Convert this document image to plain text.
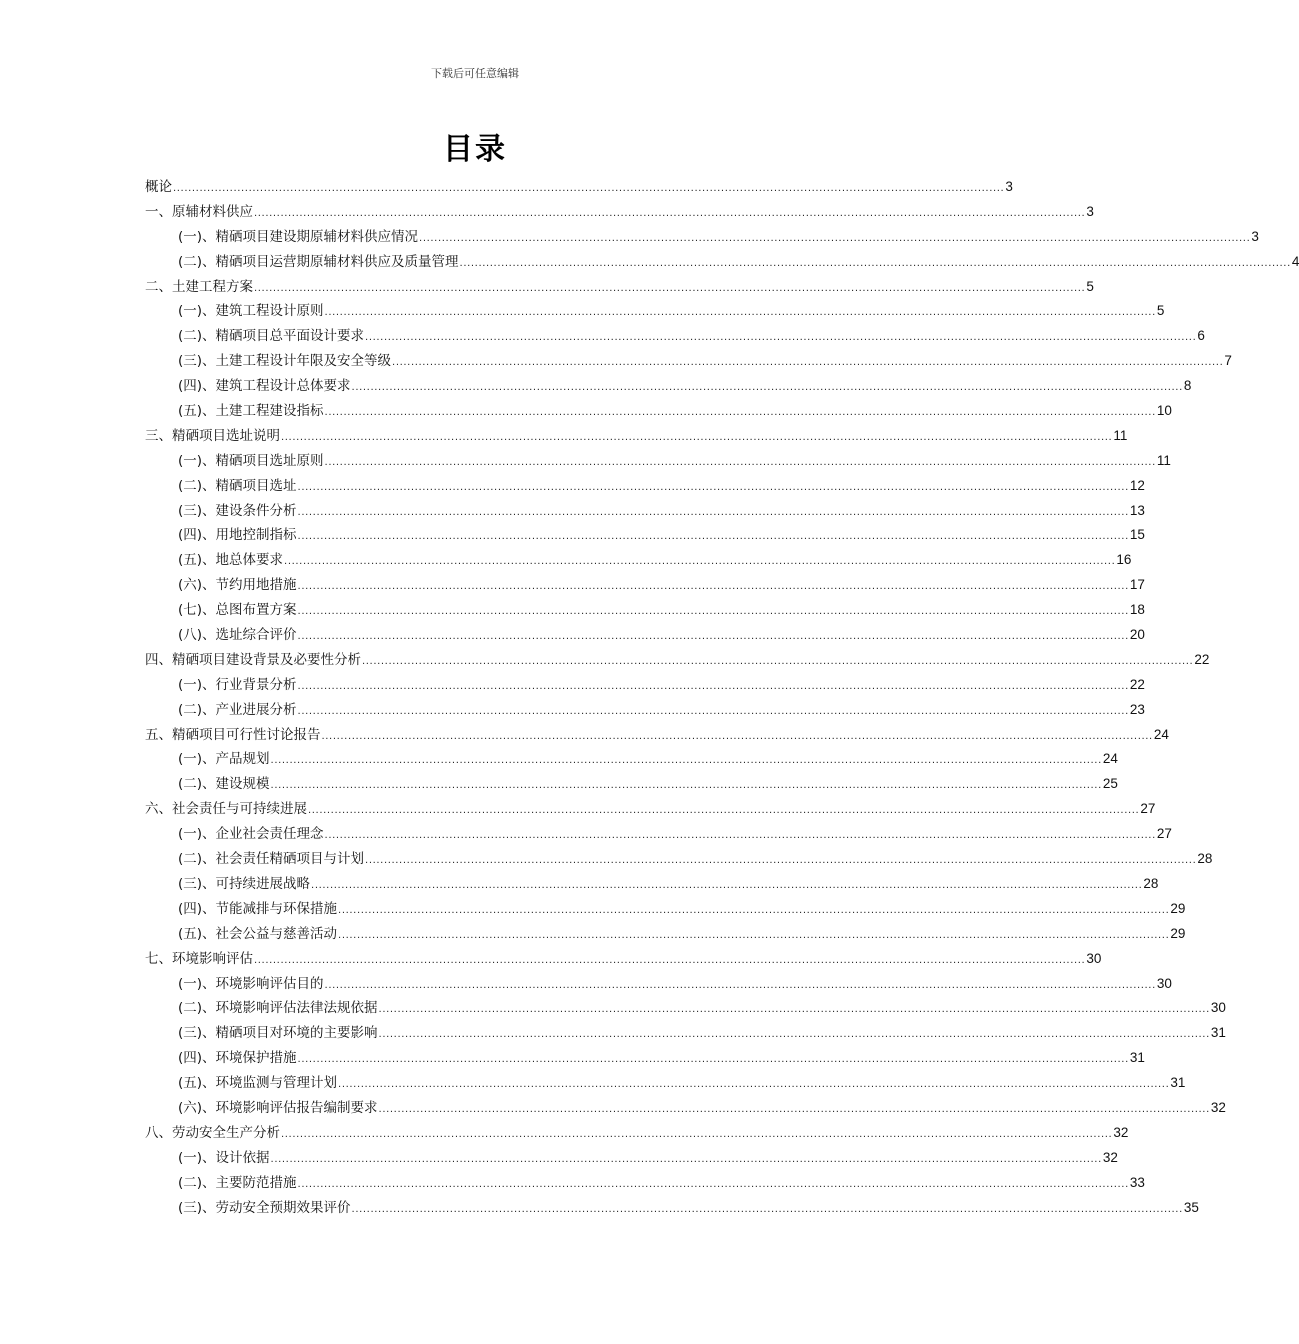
下载后可任意编辑
目录
概论 ............................................................................................................................................................................................................................ 3
一、原辅材料供应 ............................................................................................................................................................................................................................ 3
(一)、精硒项目建设期原辅材料供应情况 ............................................................................................................................................................................................................................ 3
(二)、精硒项目运营期原辅材料供应及质量管理 ............................................................................................................................................................................................................................ 4
二、土建工程方案 ............................................................................................................................................................................................................................ 5
(一)、建筑工程设计原则 ............................................................................................................................................................................................................................ 5
(二)、精硒项目总平面设计要求 ............................................................................................................................................................................................................................ 6
(三)、土建工程设计年限及安全等级 ............................................................................................................................................................................................................................ 7
(四)、建筑工程设计总体要求 ............................................................................................................................................................................................................................ 8
(五)、土建工程建设指标 ............................................................................................................................................................................................................................ 10
三、精硒项目选址说明 ............................................................................................................................................................................................................................ 11
(一)、精硒项目选址原则 ............................................................................................................................................................................................................................ 11
(二)、精硒项目选址 ............................................................................................................................................................................................................................ 12
(三)、建设条件分析 ............................................................................................................................................................................................................................ 13
(四)、用地控制指标 ............................................................................................................................................................................................................................ 15
(五)、地总体要求 ............................................................................................................................................................................................................................ 16
(六)、节约用地措施 ............................................................................................................................................................................................................................ 17
(七)、总图布置方案 ............................................................................................................................................................................................................................ 18
(八)、选址综合评价 ............................................................................................................................................................................................................................ 20
四、精硒项目建设背景及必要性分析 ............................................................................................................................................................................................................................ 22
(一)、行业背景分析 ............................................................................................................................................................................................................................ 22
(二)、产业进展分析 ............................................................................................................................................................................................................................ 23
五、精硒项目可行性讨论报告 ............................................................................................................................................................................................................................ 24
(一)、产品规划 ............................................................................................................................................................................................................................ 24
(二)、建设规模 ............................................................................................................................................................................................................................ 25
六、社会责任与可持续进展 ............................................................................................................................................................................................................................ 27
(一)、企业社会责任理念 ............................................................................................................................................................................................................................ 27
(二)、社会责任精硒项目与计划 ............................................................................................................................................................................................................................ 28
(三)、可持续进展战略 ............................................................................................................................................................................................................................ 28
(四)、节能减排与环保措施 ............................................................................................................................................................................................................................ 29
(五)、社会公益与慈善活动 ............................................................................................................................................................................................................................ 29
七、环境影响评估 ............................................................................................................................................................................................................................ 30
(一)、环境影响评估目的 ............................................................................................................................................................................................................................ 30
(二)、环境影响评估法律法规依据 ............................................................................................................................................................................................................................ 30
(三)、精硒项目对环境的主要影响 ............................................................................................................................................................................................................................ 31
(四)、环境保护措施 ............................................................................................................................................................................................................................ 31
(五)、环境监测与管理计划 ............................................................................................................................................................................................................................ 31
(六)、环境影响评估报告编制要求 ............................................................................................................................................................................................................................ 32
八、劳动安全生产分析 ............................................................................................................................................................................................................................ 32
(一)、设计依据 ............................................................................................................................................................................................................................ 32
(二)、主要防范措施 ............................................................................................................................................................................................................................ 33
(三)、劳动安全预期效果评价 ............................................................................................................................................................................................................................ 35
